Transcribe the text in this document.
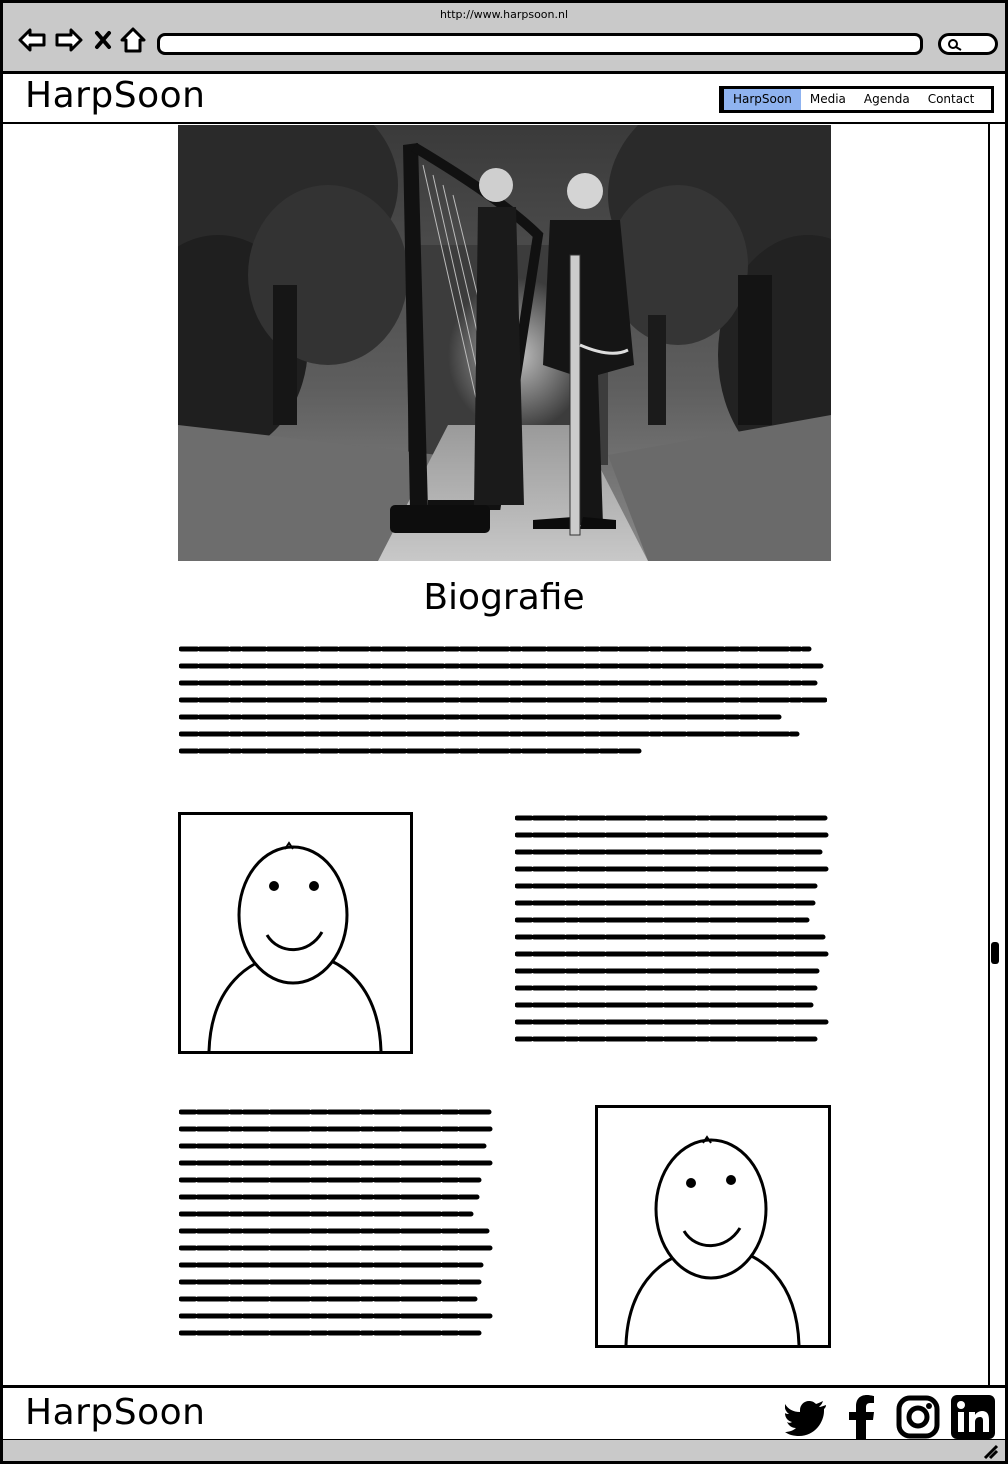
http://www.harpsoon.nl
HarpSoon	HarpSoon	Media	Agenda	Contact
Biografie
HarpSoon
